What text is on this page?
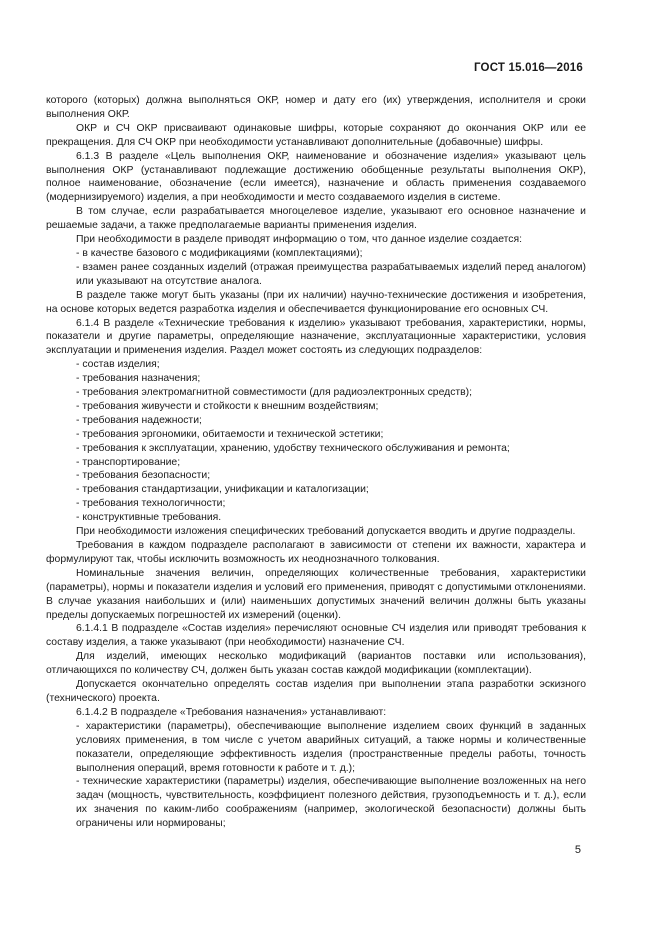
ГОСТ 15.016—2016

которого (которых) должна выполняться ОКР, номер и дату его (их) утверждения, исполнителя и сроки выполнения ОКР.

ОКР и СЧ ОКР присваивают одинаковые шифры, которые сохраняют до окончания ОКР или ее прекращения. Для СЧ ОКР при необходимости устанавливают дополнительные (добавочные) шифры.

6.1.3 В разделе «Цель выполнения ОКР, наименование и обозначение изделия» указывают цель выполнения ОКР (устанавливают подлежащие достижению обобщенные результаты выполнения ОКР), полное наименование, обозначение (если имеется), назначение и область применения создаваемого (модернизируемого) изделия, а при необходимости и место создаваемого изделия в системе.

В том случае, если разрабатывается многоцелевое изделие, указывают его основное назначение и решаемые задачи, а также предполагаемые варианты применения изделия.

При необходимости в разделе приводят информацию о том, что данное изделие создается:

- в качестве базового с модификациями (комплектациями);
- взамен ранее созданных изделий (отражая преимущества разрабатываемых изделий перед аналогом) или указывают на отсутствие аналога.

В разделе также могут быть указаны (при их наличии) научно-технические достижения и изобретения, на основе которых ведется разработка изделия и обеспечивается функционирование его основных СЧ.

6.1.4 В разделе «Технические требования к изделию» указывают требования, характеристики, нормы, показатели и другие параметры, определяющие назначение, эксплуатационные характеристики, условия эксплуатации и применения изделия. Раздел может состоять из следующих подразделов:

- состав изделия;
- требования назначения;
- требования электромагнитной совместимости (для радиоэлектронных средств);
- требования живучести и стойкости к внешним воздействиям;
- требования надежности;
- требования эргономики, обитаемости и технической эстетики;
- требования к эксплуатации, хранению, удобству технического обслуживания и ремонта;
- транспортирование;
- требования безопасности;
- требования стандартизации, унификации и каталогизации;
- требования технологичности;
- конструктивные требования.

При необходимости изложения специфических требований допускается вводить и другие подразделы.

Требования в каждом подразделе располагают в зависимости от степени их важности, характера и формулируют так, чтобы исключить возможность их неоднозначного толкования.

Номинальные значения величин, определяющих количественные требования, характеристики (параметры), нормы и показатели изделия и условий его применения, приводят с допустимыми отклонениями. В случае указания наибольших и (или) наименьших допустимых значений величин должны быть указаны пределы допускаемых погрешностей их измерений (оценки).

6.1.4.1 В подразделе «Состав изделия» перечисляют основные СЧ изделия или приводят требования к составу изделия, а также указывают (при необходимости) назначение СЧ.

Для изделий, имеющих несколько модификаций (вариантов поставки или использования), отличающихся по количеству СЧ, должен быть указан состав каждой модификации (комплектации).

Допускается окончательно определять состав изделия при выполнении этапа разработки эскизного (технического) проекта.

6.1.4.2 В подразделе «Требования назначения» устанавливают:

- характеристики (параметры), обеспечивающие выполнение изделием своих функций в заданных условиях применения, в том числе с учетом аварийных ситуаций, а также нормы и количественные показатели, определяющие эффективность изделия (пространственные пределы работы, точность выполнения операций, время готовности к работе и т. д.);
- технические характеристики (параметры) изделия, обеспечивающие выполнение возложенных на него задач (мощность, чувствительность, коэффициент полезного действия, грузоподъемность и т. д.), если их значения по каким-либо соображениям (например, экологической безопасности) должны быть ограничены или нормированы;
5
